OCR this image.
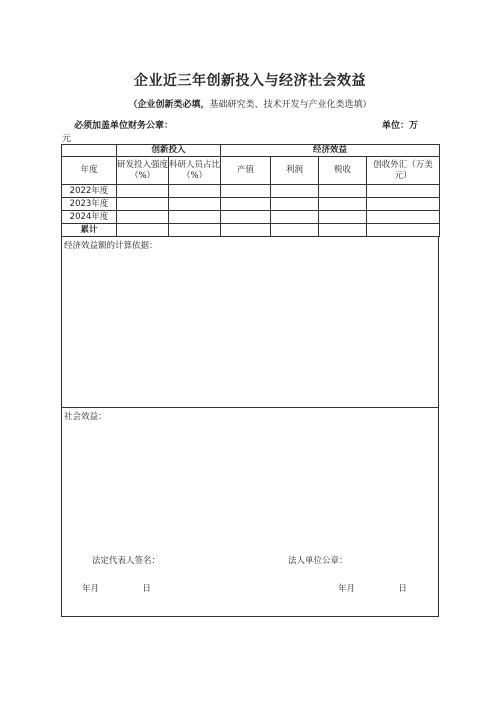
企业近三年创新投入与经济社会效益
（企业创新类必填，基础研究类、技术开发与产业化类选填）
必须加盖单位财务公章：	单位：万
元
	创新投入		经济效益			
年度	研发投入强度（%）	科研人员占比（%）	产值	利润	税收	创收外汇（万美元）
2022年度						
2023年度						
2024年度						
累计						
经济效益额的计算依据：
社会效益：
法定代表人签名：	法人单位公章：
年月	日	年月	日
